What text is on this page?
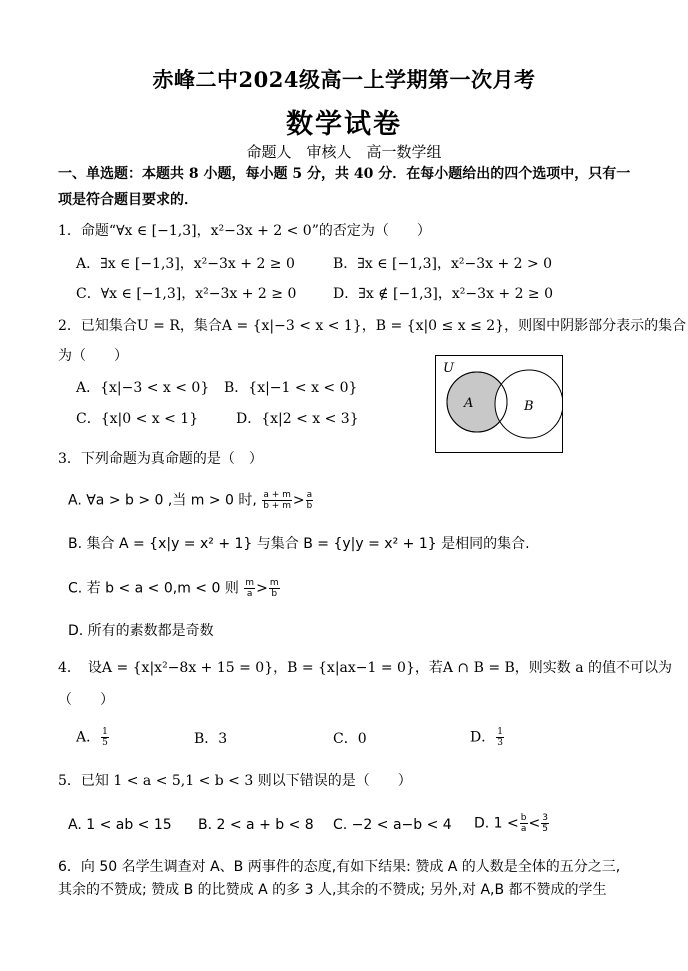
赤峰二中2024级高一上学期第一次月考
数学试卷
命题人　审核人　高一数学组
一、单选题：本题共 8 小题，每小题 5 分，共 40 分．在每小题给出的四个选项中，只有一项是符合题目要求的．
1．命题“∀x ∈ [−1,3]，x²−3x + 2 < 0”的否定为（　　）
A．∃x ∈ [−1,3]，x²−3x + 2 ≥ 0	B．∃x ∈ [−1,3]，x²−3x + 2 > 0
C．∀x ∈ [−1,3]，x²−3x + 2 ≥ 0	D．∃x ∉ [−1,3]，x²−3x + 2 ≥ 0
2．已知集合U = R，集合A = {x|−3 < x < 1}，B = {x|0 ≤ x ≤ 2}，则图中阴影部分表示的集合
为（　　）
A．{x|−3 < x < 0} B．{x|−1 < x < 0}
C．{x|0 < x < 1}	D．{x|2 < x < 3}
U
A	B
3．下列命题为真命题的是（　）
A. ∀a > b > 0 ,当 m > 0 时, $\frac{a + m}{b + m} > \frac{a}{b}$
B. 集合 A = {x|y = x² + 1} 与集合 B = {y|y = x² + 1} 是相同的集合.
C. 若 b < a < 0,m < 0 则 $\frac{m}{a} > \frac{m}{b}$
D. 所有的素数都是奇数
4．　设A = {x|x²−8x + 15 = 0}，B = {x|ax−1 = 0}，若A ∩ B = B，则实数 a 的值不可以为
（　　）
A． $\frac{1}{5}$	B．3	C．0	D． $\frac{1}{3}$
5．已知 1 < a < 5,1 < b < 3 则以下错误的是（　　）
A. 1 < ab < 15 B. 2 < a + b < 8 C. −2 < a−b < 4 D. $1 < \frac{b}{a} < \frac{3}{5}$
6．向 50 名学生调查对 A、B 两事件的态度,有如下结果: 赞成 A 的人数是全体的五分之三,
其余的不赞成; 赞成 B 的比赞成 A 的多 3 人,其余的不赞成; 另外,对 A,B 都不赞成的学生
